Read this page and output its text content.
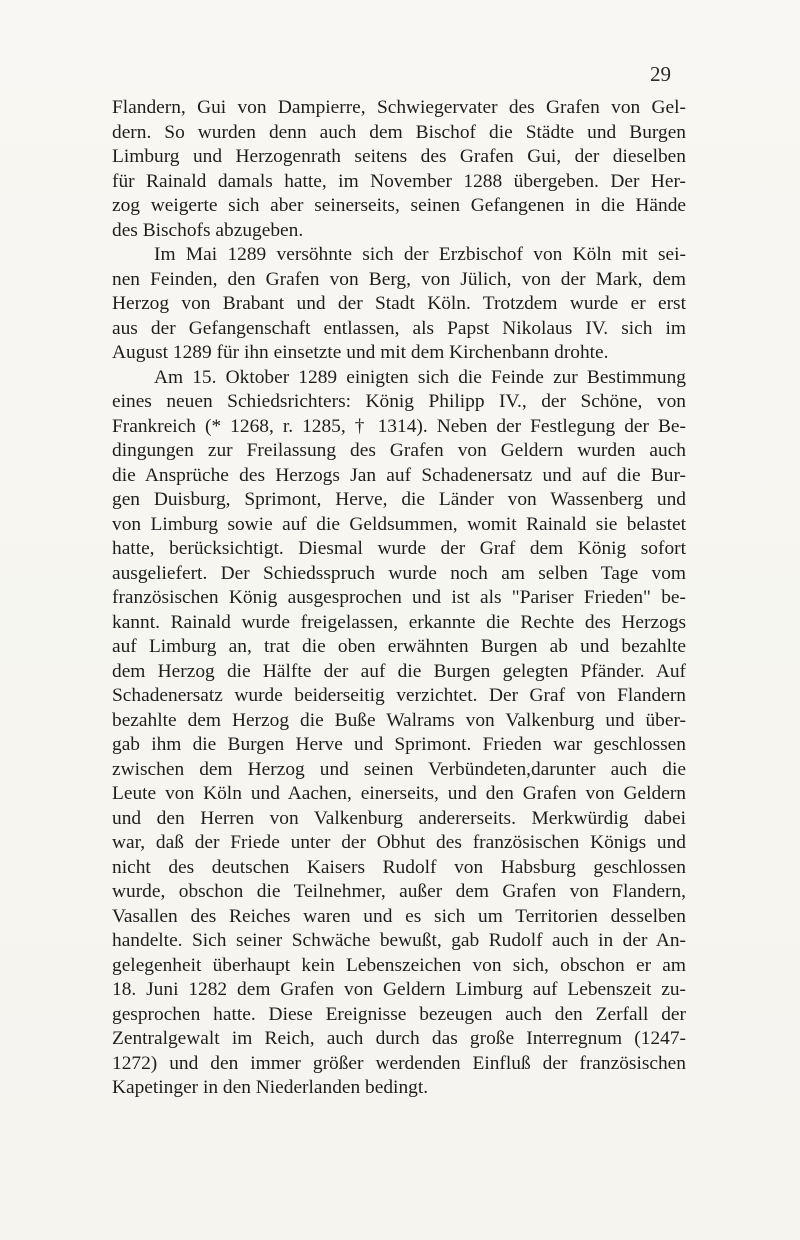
29

Flandern, Gui von Dampierre, Schwiegervater des Grafen von Gel-
dern. So wurden denn auch dem Bischof die Städte und Burgen
Limburg und Herzogenrath seitens des Grafen Gui, der dieselben
für Rainald damals hatte, im November 1288 übergeben. Der Her-
zog weigerte sich aber seinerseits, seinen Gefangenen in die Hände
des Bischofs abzugeben.

Im Mai 1289 versöhnte sich der Erzbischof von Köln mit sei-
nen Feinden, den Grafen von Berg, von Jülich, von der Mark, dem
Herzog von Brabant und der Stadt Köln. Trotzdem wurde er erst
aus der Gefangenschaft entlassen, als Papst Nikolaus IV. sich im
August 1289 für ihn einsetzte und mit dem Kirchenbann drohte.

Am 15. Oktober 1289 einigten sich die Feinde zur Bestimmung
eines neuen Schiedsrichters: König Philipp IV., der Schöne, von
Frankreich (* 1268, r. 1285, † 1314). Neben der Festlegung der Be-
dingungen zur Freilassung des Grafen von Geldern wurden auch
die Ansprüche des Herzogs Jan auf Schadenersatz und auf die Bur-
gen Duisburg, Sprimont, Herve, die Länder von Wassenberg und
von Limburg sowie auf die Geldsummen, womit Rainald sie belastet
hatte, berücksichtigt. Diesmal wurde der Graf dem König sofort
ausgeliefert. Der Schiedsspruch wurde noch am selben Tage vom
französischen König ausgesprochen und ist als "Pariser Frieden" be-
kannt. Rainald wurde freigelassen, erkannte die Rechte des Herzogs
auf Limburg an, trat die oben erwähnten Burgen ab und bezahlte
dem Herzog die Hälfte der auf die Burgen gelegten Pfänder. Auf
Schadenersatz wurde beiderseitig verzichtet. Der Graf von Flandern
bezahlte dem Herzog die Buße Walrams von Valkenburg und über-
gab ihm die Burgen Herve und Sprimont. Frieden war geschlossen
zwischen dem Herzog und seinen Verbündeten,darunter auch die
Leute von Köln und Aachen, einerseits, und den Grafen von Geldern
und den Herren von Valkenburg andererseits. Merkwürdig dabei
war, daß der Friede unter der Obhut des französischen Königs und
nicht des deutschen Kaisers Rudolf von Habsburg geschlossen
wurde, obschon die Teilnehmer, außer dem Grafen von Flandern,
Vasallen des Reiches waren und es sich um Territorien desselben
handelte. Sich seiner Schwäche bewußt, gab Rudolf auch in der An-
gelegenheit überhaupt kein Lebenszeichen von sich, obschon er am
18. Juni 1282 dem Grafen von Geldern Limburg auf Lebenszeit zu-
gesprochen hatte. Diese Ereignisse bezeugen auch den Zerfall der
Zentralgewalt im Reich, auch durch das große Interregnum (1247-
1272) und den immer größer werdenden Einfluß der französischen
Kapetinger in den Niederlanden bedingt.
